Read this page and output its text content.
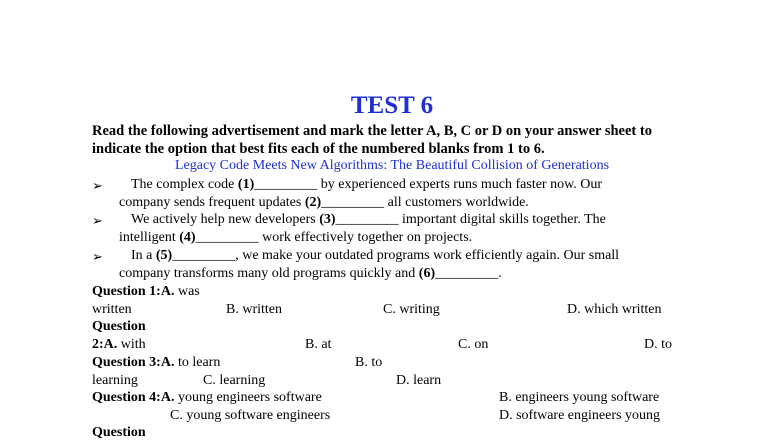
TEST 6
Read the following advertisement and mark the letter A, B, C or D on your answer sheet to
indicate the option that best fits each of the numbered blanks from 1 to 6.
Legacy Code Meets New Algorithms: The Beautiful Collision of Generations
➢ The complex code (1)_________ by experienced experts runs much faster now. Our
company sends frequent updates (2)_________ all customers worldwide.
➢ We actively help new developers (3)_________ important digital skills together. The
intelligent (4)_________ work effectively together on projects.
➢ In a (5)_________, we make your outdated programs work efficiently again. Our small
company transforms many old programs quickly and (6)_________.
Question 1:A. was
written	B. written	C. writing	D. which written
Question
2:A. with	B. at	C. on	D. to
Question 3:A. to learn	B. to
learning	C. learning	D. learn
Question 4:A. young engineers software	B. engineers young software
C. young software engineers	D. software engineers young
Question
